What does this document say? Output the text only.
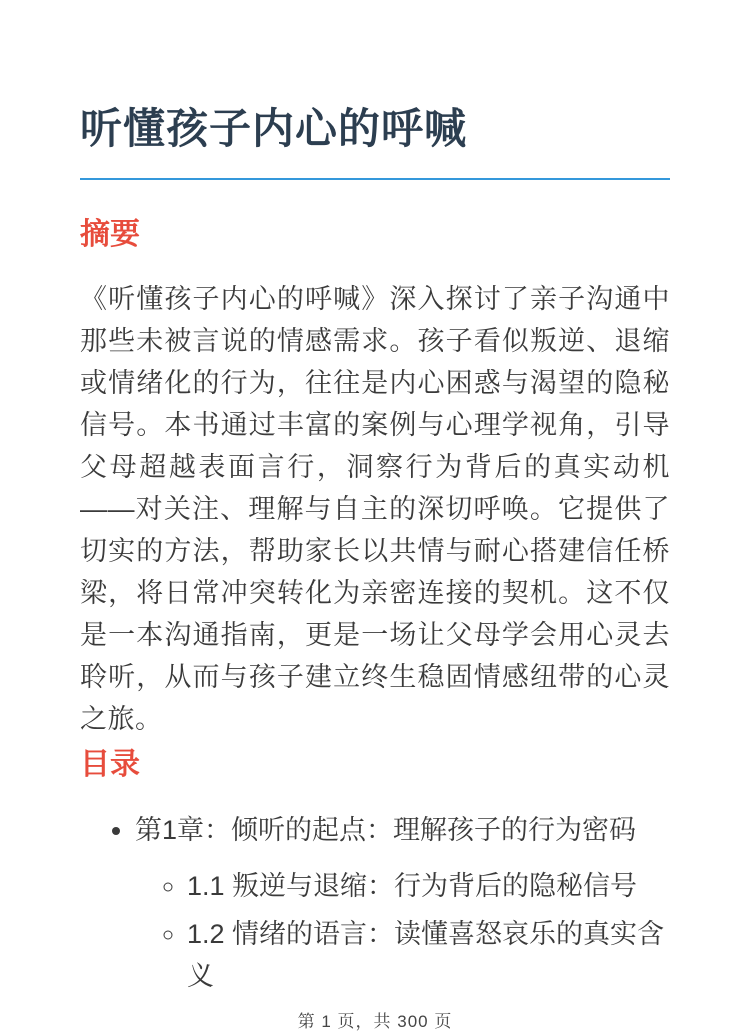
听懂孩子内心的呼喊
摘要

《听懂孩子内心的呼喊》深入探讨了亲子沟通中那些未被言说的情感需求。孩子看似叛逆、退缩或情绪化的行为，往往是内心困惑与渴望的隐秘信号。本书通过丰富的案例与心理学视角，引导父母超越表面言行，洞察行为背后的真实动机——对关注、理解与自主的深切呼唤。它提供了切实的方法，帮助家长以共情与耐心搭建信任桥梁，将日常冲突转化为亲密连接的契机。这不仅是一本沟通指南，更是一场让父母学会用心灵去聆听，从而与孩子建立终生稳固情感纽带的心灵之旅。

目录
• 第1章：倾听的起点：理解孩子的行为密码
◦ 1.1 叛逆与退缩：行为背后的隐秘信号
◦ 1.2 情绪的语言：读懂喜怒哀乐的真实含义
第 1 页，共 300 页
